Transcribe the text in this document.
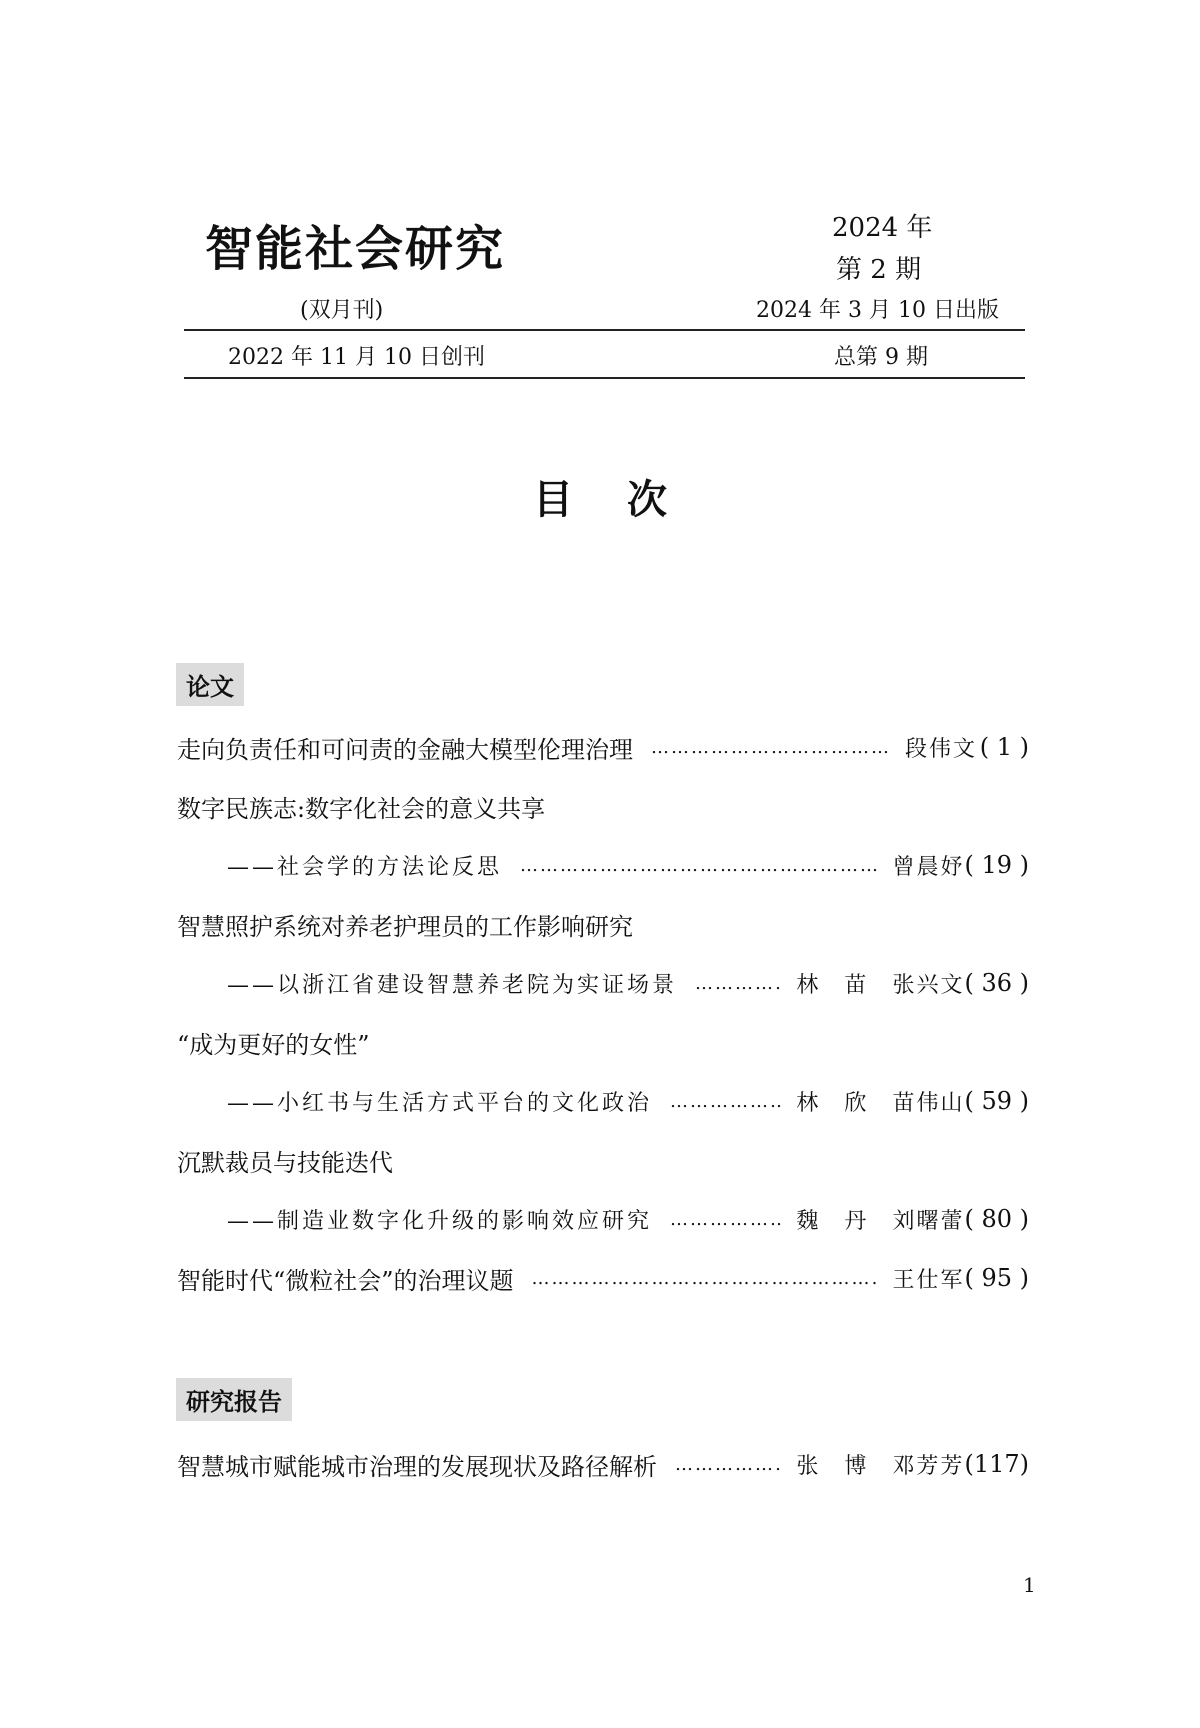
智能社会研究
(双月刊)
2024 年
第 2 期
2024 年 3 月 10 日出版
2022 年 11 月 10 日创刊	总第 9 期
目 次
论文
走向负责任和可问责的金融大模型伦理治理 ……………………………………………………………………………………………………………………………………………………………………………………	段伟文 ( 1 )
数字民族志:数字化社会的意义共享
——社会学的方法论反思 ……………………………………………………………………………………………………………………………………………………………………………………	曾晨妤 ( 19 )
智慧照护系统对养老护理员的工作影响研究
——以浙江省建设智慧养老院为实证场景 ……………………………………………………………………………………………………………………………………………………………………………………	林　苗 张兴文 ( 36 )
“成为更好的女性”
——小红书与生活方式平台的文化政治 ……………………………………………………………………………………………………………………………………………………………………………………	林　欣 苗伟山 ( 59 )
沉默裁员与技能迭代
——制造业数字化升级的影响效应研究 ……………………………………………………………………………………………………………………………………………………………………………………	魏　丹 刘曙蕾 ( 80 )
智能时代“微粒社会”的治理议题 ……………………………………………………………………………………………………………………………………………………………………………………	王仕军 ( 95 )
研究报告
智慧城市赋能城市治理的发展现状及路径解析 ……………………………………………………………………………………………………………………………………………………………………………………	张　博 邓芳芳 ( 117 )
1
